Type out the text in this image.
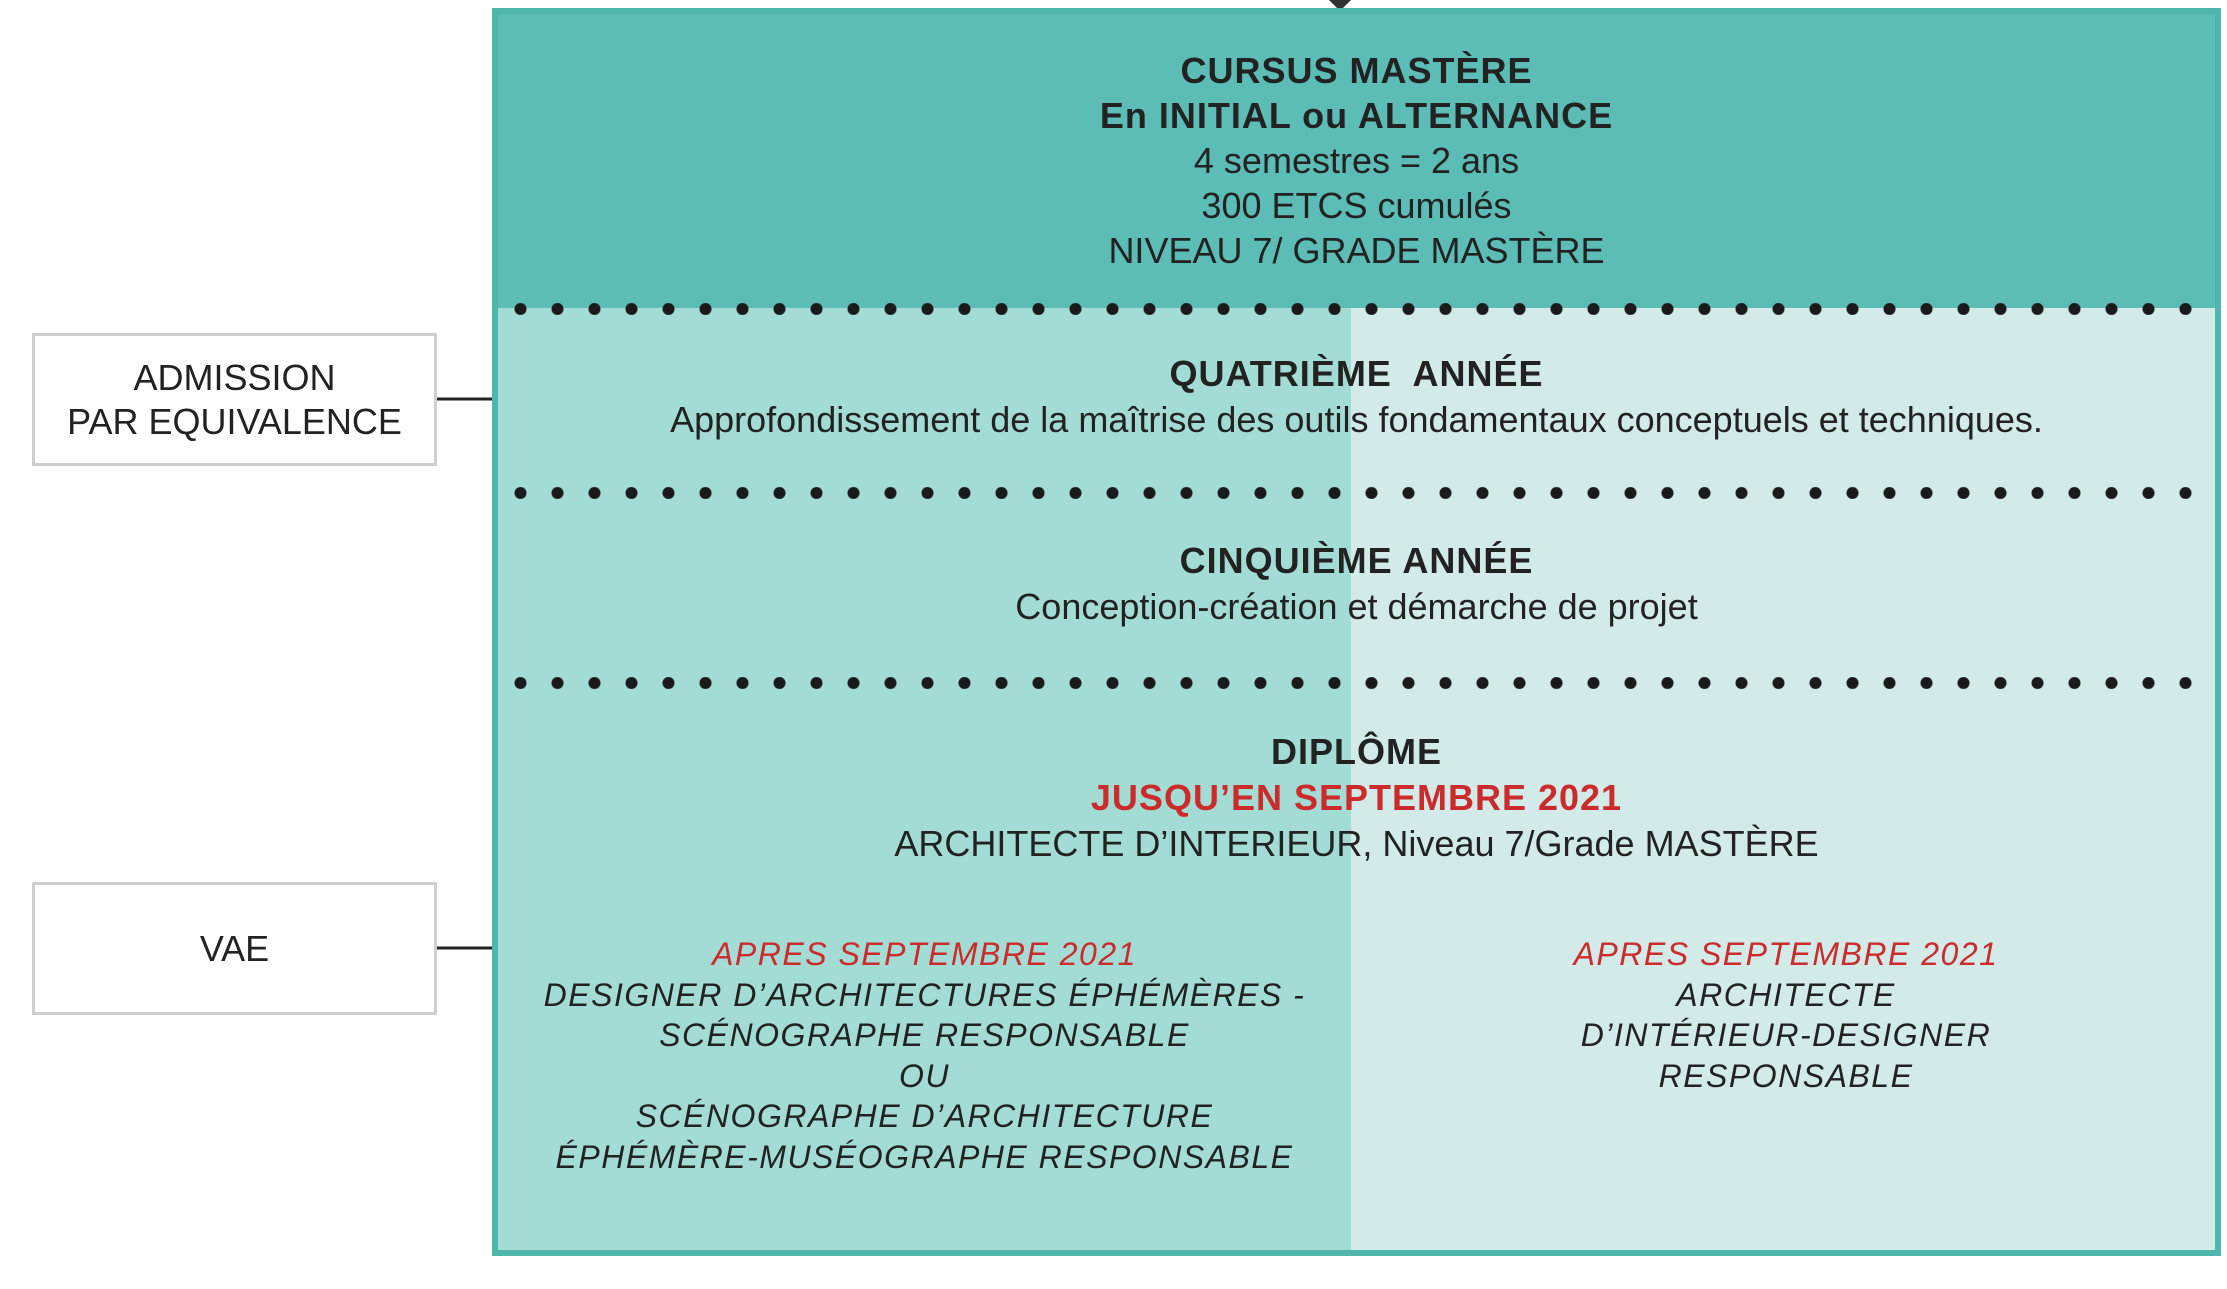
ADMISSION
PAR EQUIVALENCE
VAE
CURSUS MASTÈRE
En INITIAL ou ALTERNANCE
4 semestres = 2 ans
300 ETCS cumulés
NIVEAU 7/ GRADE MASTÈRE
QUATRIÈME  ANNÉE
Approfondissement de la maîtrise des outils fondamentaux conceptuels et techniques.
CINQUIÈME ANNÉE
Conception-création et démarche de projet
DIPLÔME
JUSQU’EN SEPTEMBRE 2021
ARCHITECTE D’INTERIEUR, Niveau 7/Grade MASTÈRE
APRES SEPTEMBRE 2021
DESIGNER D’ARCHITECTURES ÉPHÉMÈRES -
SCÉNOGRAPHE RESPONSABLE
OU
SCÉNOGRAPHE D’ARCHITECTURE
ÉPHÉMÈRE-MUSÉOGRAPHE RESPONSABLE
APRES SEPTEMBRE 2021
ARCHITECTE
D’INTÉRIEUR-DESIGNER
RESPONSABLE
